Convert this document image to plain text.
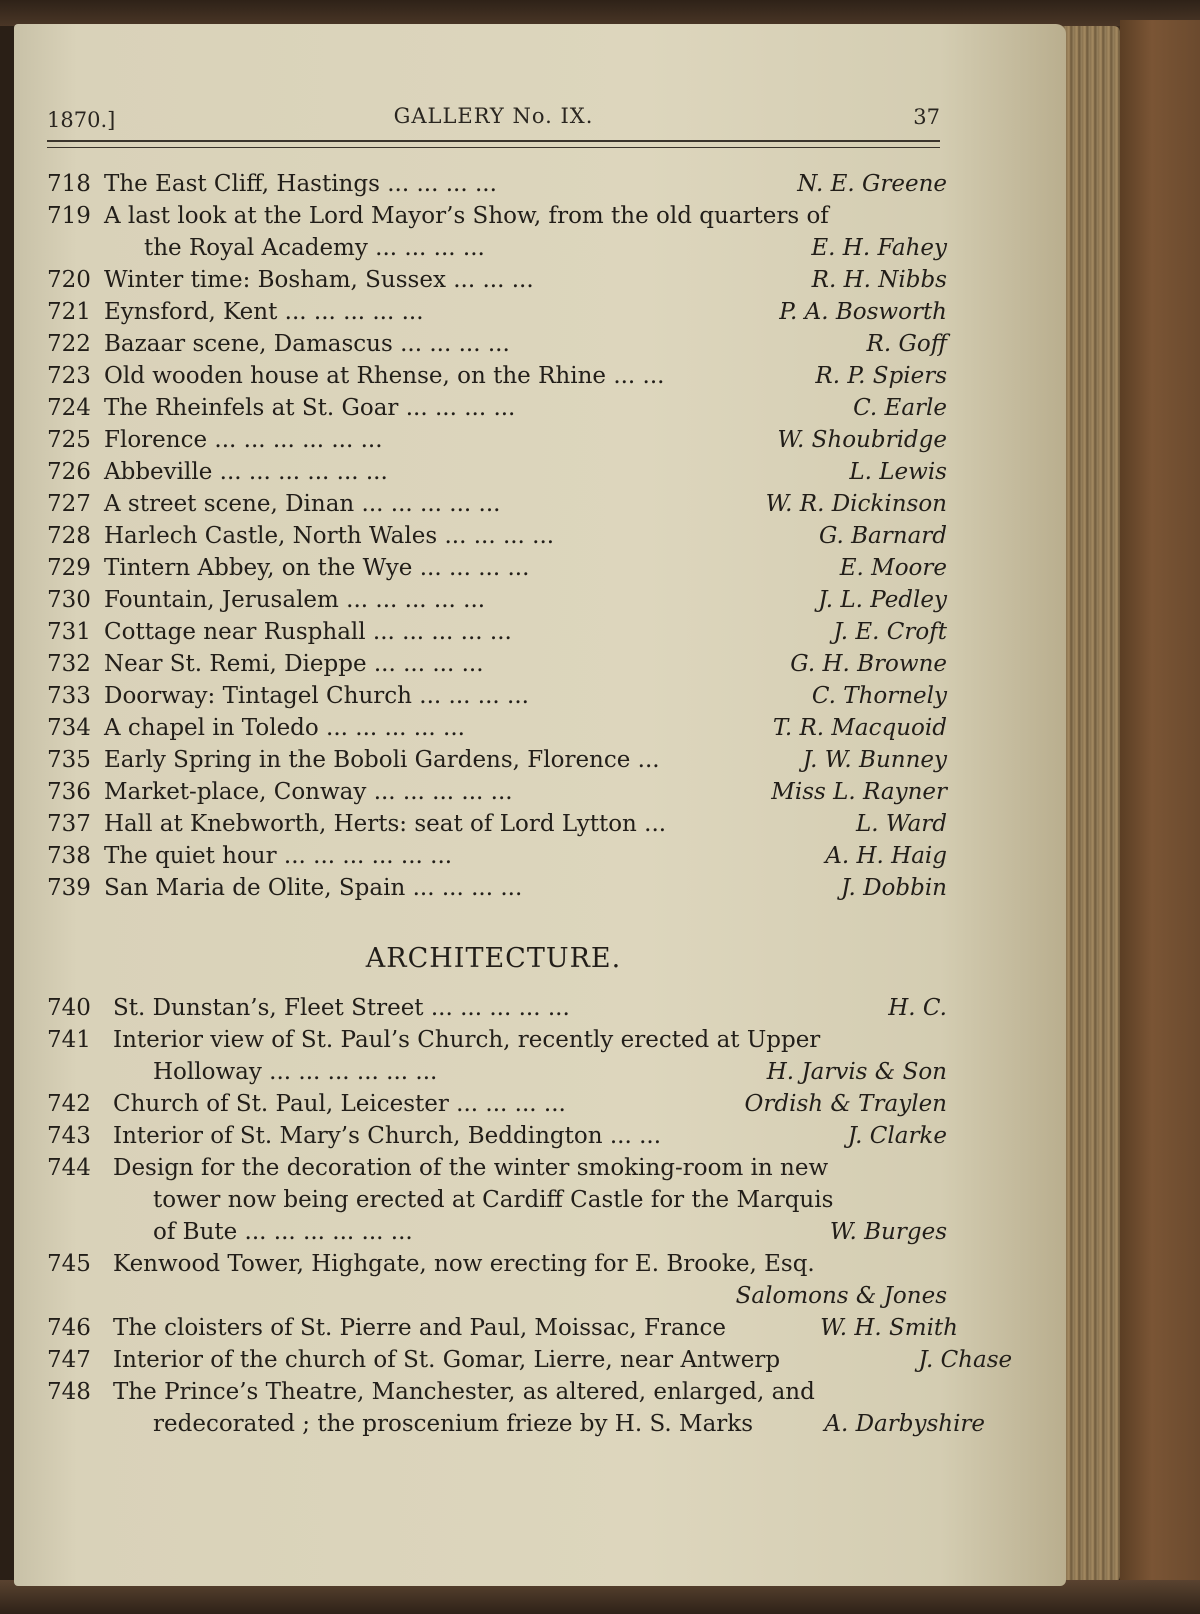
1870.]	GALLERY No. IX.	37
718 The East Cliff, Hastings ... ... ... ...	N. E. Greene
719 A last look at the Lord Mayor’s Show, from the old quarters of
the Royal Academy ... ... ... ...	E. H. Fahey
720 Winter time: Bosham, Sussex ... ... ...	R. H. Nibbs
721 Eynsford, Kent ... ... ... ... ...	P. A. Bosworth
722 Bazaar scene, Damascus ... ... ... ...	R. Goff
723 Old wooden house at Rhense, on the Rhine ... ...	R. P. Spiers
724 The Rheinfels at St. Goar ... ... ... ...	C. Earle
725 Florence ... ... ... ... ... ...	W. Shoubridge
726 Abbeville ... ... ... ... ... ...	L. Lewis
727 A street scene, Dinan ... ... ... ... ...	W. R. Dickinson
728 Harlech Castle, North Wales ... ... ... ...	G. Barnard
729 Tintern Abbey, on the Wye ... ... ... ...	E. Moore
730 Fountain, Jerusalem ... ... ... ... ...	J. L. Pedley
731 Cottage near Rusphall ... ... ... ... ...	J. E. Croft
732 Near St. Remi, Dieppe ... ... ... ...	G. H. Browne
733 Doorway: Tintagel Church ... ... ... ...	C. Thornely
734 A chapel in Toledo ... ... ... ... ...	T. R. Macquoid
735 Early Spring in the Boboli Gardens, Florence ...	J. W. Bunney
736 Market-place, Conway ... ... ... ... ...	Miss L. Rayner
737 Hall at Knebworth, Herts: seat of Lord Lytton ...	L. Ward
738 The quiet hour ... ... ... ... ... ...	A. H. Haig
739 San Maria de Olite, Spain ... ... ... ...	J. Dobbin
ARCHITECTURE.
740 St. Dunstan’s, Fleet Street ... ... ... ... ...	H. C.
741 Interior view of St. Paul’s Church, recently erected at Upper
Holloway ... ... ... ... ... ...	H. Jarvis & Son
742 Church of St. Paul, Leicester ... ... ... ...	Ordish & Traylen
743 Interior of St. Mary’s Church, Beddington ... ...	J. Clarke
744 Design for the decoration of the winter smoking-room in new
tower now being erected at Cardiff Castle for the Marquis
of Bute ... ... ... ... ... ...	W. Burges
745 Kenwood Tower, Highgate, now erecting for E. Brooke, Esq.
Salomons & Jones
746 The cloisters of St. Pierre and Paul, Moissac, France	W. H. Smith
747 Interior of the church of St. Gomar, Lierre, near Antwerp	J. Chase
748 The Prince’s Theatre, Manchester, as altered, enlarged, and
redecorated ; the proscenium frieze by H. S. Marks	A. Darbyshire
